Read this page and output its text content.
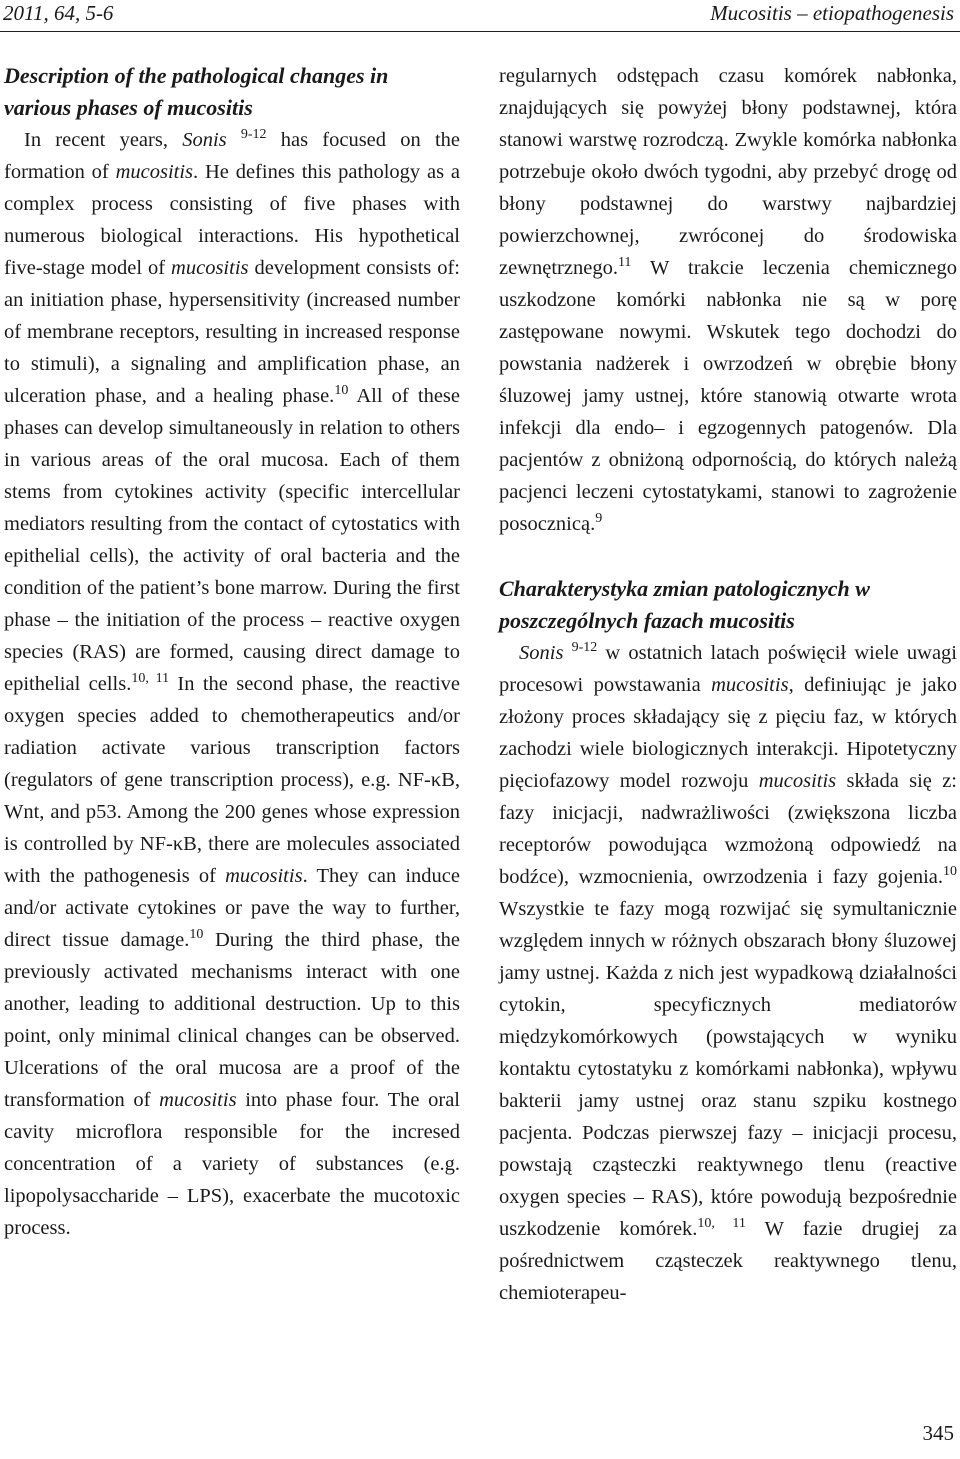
2011, 64, 5-6	Mucositis – etiopathogenesis
Description of the pathological changes in various phases of mucositis

In recent years, Sonis $^{9-12}$ has focused on the formation of mucositis. He defines this pathology as a complex process consisting of five phases with numerous biological interactions. His hypothetical five-stage model of mucositis development consists of: an initiation phase, hypersensitivity (increased number of membrane receptors, resulting in increased response to stimuli), a signaling and amplification phase, an ulceration phase, and a healing phase.$^{10}$ All of these phases can develop simultaneously in relation to others in various areas of the oral mucosa. Each of them stems from cytokines activity (specific intercellular mediators resulting from the contact of cytostatics with epithelial cells), the activity of oral bacteria and the condition of the patient’s bone marrow. During the first phase – the initiation of the process – reactive oxygen species (RAS) are formed, causing direct damage to epithelial cells.$^{10, 11}$ In the second phase, the reactive oxygen species added to chemotherapeutics and/or radiation activate various transcription factors (regulators of gene transcription process), e.g. NF-κB, Wnt, and p53. Among the 200 genes whose expression is controlled by NF-κB, there are molecules associated with the pathogenesis of mucositis. They can induce and/or activate cytokines or pave the way to further, direct tissue damage.$^{10}$ During the third phase, the previously activated mechanisms interact with one another, leading to additional destruction. Up to this point, only minimal clinical changes can be observed. Ulcerations of the oral mucosa are a proof of the transformation of mucositis into phase four. The oral cavity microflora responsible for the incresed concentration of a variety of substances (e.g. lipopolysaccharide – LPS), exacerbate the mucotoxic process.

regularnych odstępach czasu komórek nabłonka, znajdujących się powyżej błony podstawnej, która stanowi warstwę rozrodczą. Zwykle komórka nabłonka potrzebuje około dwóch tygodni, aby przebyć drogę od błony podstawnej do warstwy najbardziej powierzchownej, zwróconej do środowiska zewnętrznego.$^{11}$ W trakcie leczenia chemicznego uszkodzone komórki nabłonka nie są w porę zastępowane nowymi. Wskutek tego dochodzi do powstania nadżerek i owrzodzeń w obrębie błony śluzowej jamy ustnej, które stanowią otwarte wrota infekcji dla endo– i egzogennych patogenów. Dla pacjentów z obniżoną odpornością, do których należą pacjenci leczeni cytostatykami, stanowi to zagrożenie posocznicą.$^9$

Charakterystyka zmian patologicznych w poszczególnych fazach mucositis

Sonis $^{9-12}$ w ostatnich latach poświęcił wiele uwagi procesowi powstawania mucositis, definiując je jako złożony proces składający się z pięciu faz, w których zachodzi wiele biologicznych interakcji. Hipotetyczny pięciofazowy model rozwoju mucositis składa się z: fazy inicjacji, nadwrażliwości (zwiększona liczba receptorów powodująca wzmożoną odpowiedź na bodźce), wzmocnienia, owrzodzenia i fazy gojenia.$^{10}$ Wszystkie te fazy mogą rozwijać się symultanicznie względem innych w różnych obszarach błony śluzowej jamy ustnej. Każda z nich jest wypadkową działalności cytokin, specyficznych mediatorów międzykomórkowych (powstających w wyniku kontaktu cytostatyku z komórkami nabłonka), wpływu bakterii jamy ustnej oraz stanu szpiku kostnego pacjenta. Podczas pierwszej fazy – inicjacji procesu, powstają cząsteczki reaktywnego tlenu (reactive oxygen species – RAS), które powodują bezpośrednie uszkodzenie komórek.$^{10, 11}$ W fazie drugiej za pośrednictwem cząsteczek reaktywnego tlenu, chemioterapeu-

345
